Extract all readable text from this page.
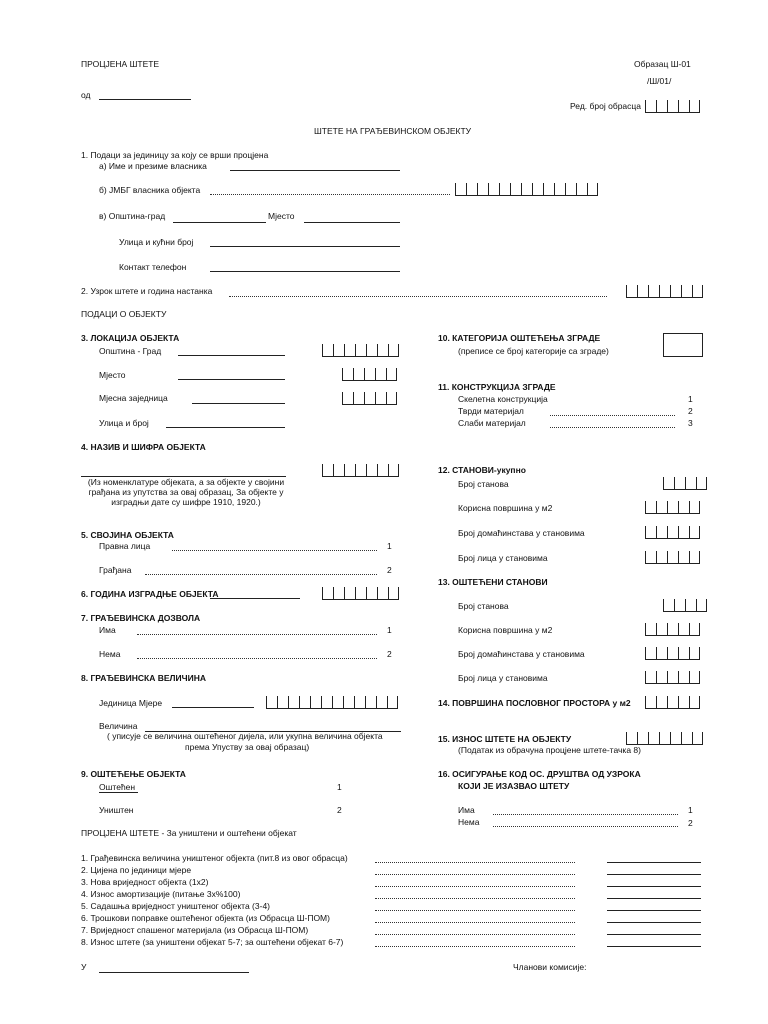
ПРОЦЈЕНА ШТЕТЕ	Образац Ш-01
/Ш/01/
од
Ред. број обрасца
ШТЕТЕ НА ГРАЂЕВИНСКОМ ОБЈЕКТУ
1. Подаци за јединицу за коју се врши процјена
а) Име и презиме власника
б) ЈМБГ власника објекта
в) Општина-град	Мјесто
Улица и кућни број
Контакт телефон
2. Узрок штете и година настанка
ПОДАЦИ О ОБЈЕКТУ
3. ЛОКАЦИЈА ОБЈЕКТА
Општина - Град
Мјесто
Мјесна заједница
Улица и број
4. НАЗИВ И ШИФРА ОБЈЕКТА
(Из номенклатуре објеката, а за објекте у својини грађана из упутства за овај образац, За објекте у изградњи дате су шифре 1910, 1920.)
5. СВОЈИНА ОБЈЕКТА
Правна лица	1
Грађана	2
6. ГОДИНА ИЗГРАДЊЕ ОБЈЕКТА
7. ГРАЂЕВИНСКА ДОЗВОЛА
Има	1
Нема	2
8. ГРАЂЕВИНСКА ВЕЛИЧИНА
Јединица Мјере
Величина
( уписује се величина оштећеног дијела, или укупна величина објекта
према Упуству за овај образац)
9. ОШТЕЋЕЊЕ ОБЈЕКТА
Оштећен	1
Уништен	2
10. КАТЕГОРИЈА ОШТЕЋЕЊА ЗГРАДЕ
(преписе се број категорије са зграде)
11. КОНСТРУКЦИЈА ЗГРАДЕ
Скелетна конструкција	1
Тврди материјал	2
Слаби материјал	3
12. СТАНОВИ-укупно
Број станова
Корисна површина у м2
Број домаћинстава у становима
Број лица у становима
13. ОШТЕЋЕНИ СТАНОВИ
Број станова
Корисна површина у м2
Број домаћинстава у становима
Број лица у становима
14. ПОВРШИНА ПОСЛОВНОГ ПРОСТОРА у м2
15. ИЗНОС ШТЕТЕ НА ОБЈЕКТУ
(Податак из обрачуна процјене штете-тачка 8)
16. ОСИГУРАЊЕ КОД ОС. ДРУШТВА ОД УЗРОКА
КОЈИ ЈЕ ИЗАЗВАО ШТЕТУ
Има	1
Нема	2
ПРОЦЈЕНА ШТЕТЕ - За уништени и оштећени објекат
1. Грађевинска величина уништеног објекта (пит.8 из овог обрасца)
2. Цијена по јединици мјере
3. Нова вриједност објекта (1х2)
4. Износ амортизације (питање 3х%100)
5. Садашња вриједност уништеног објекта (3-4)
6. Трошкови поправке оштећеног објекта (из Обрасца Ш-ПОМ)
7. Вриједност спашеног материјала (из Обрасца Ш-ПОМ)
8. Износ штете (за уништени објекат 5-7; за оштећени објекат 6-7)
У	Чланови комисије:
